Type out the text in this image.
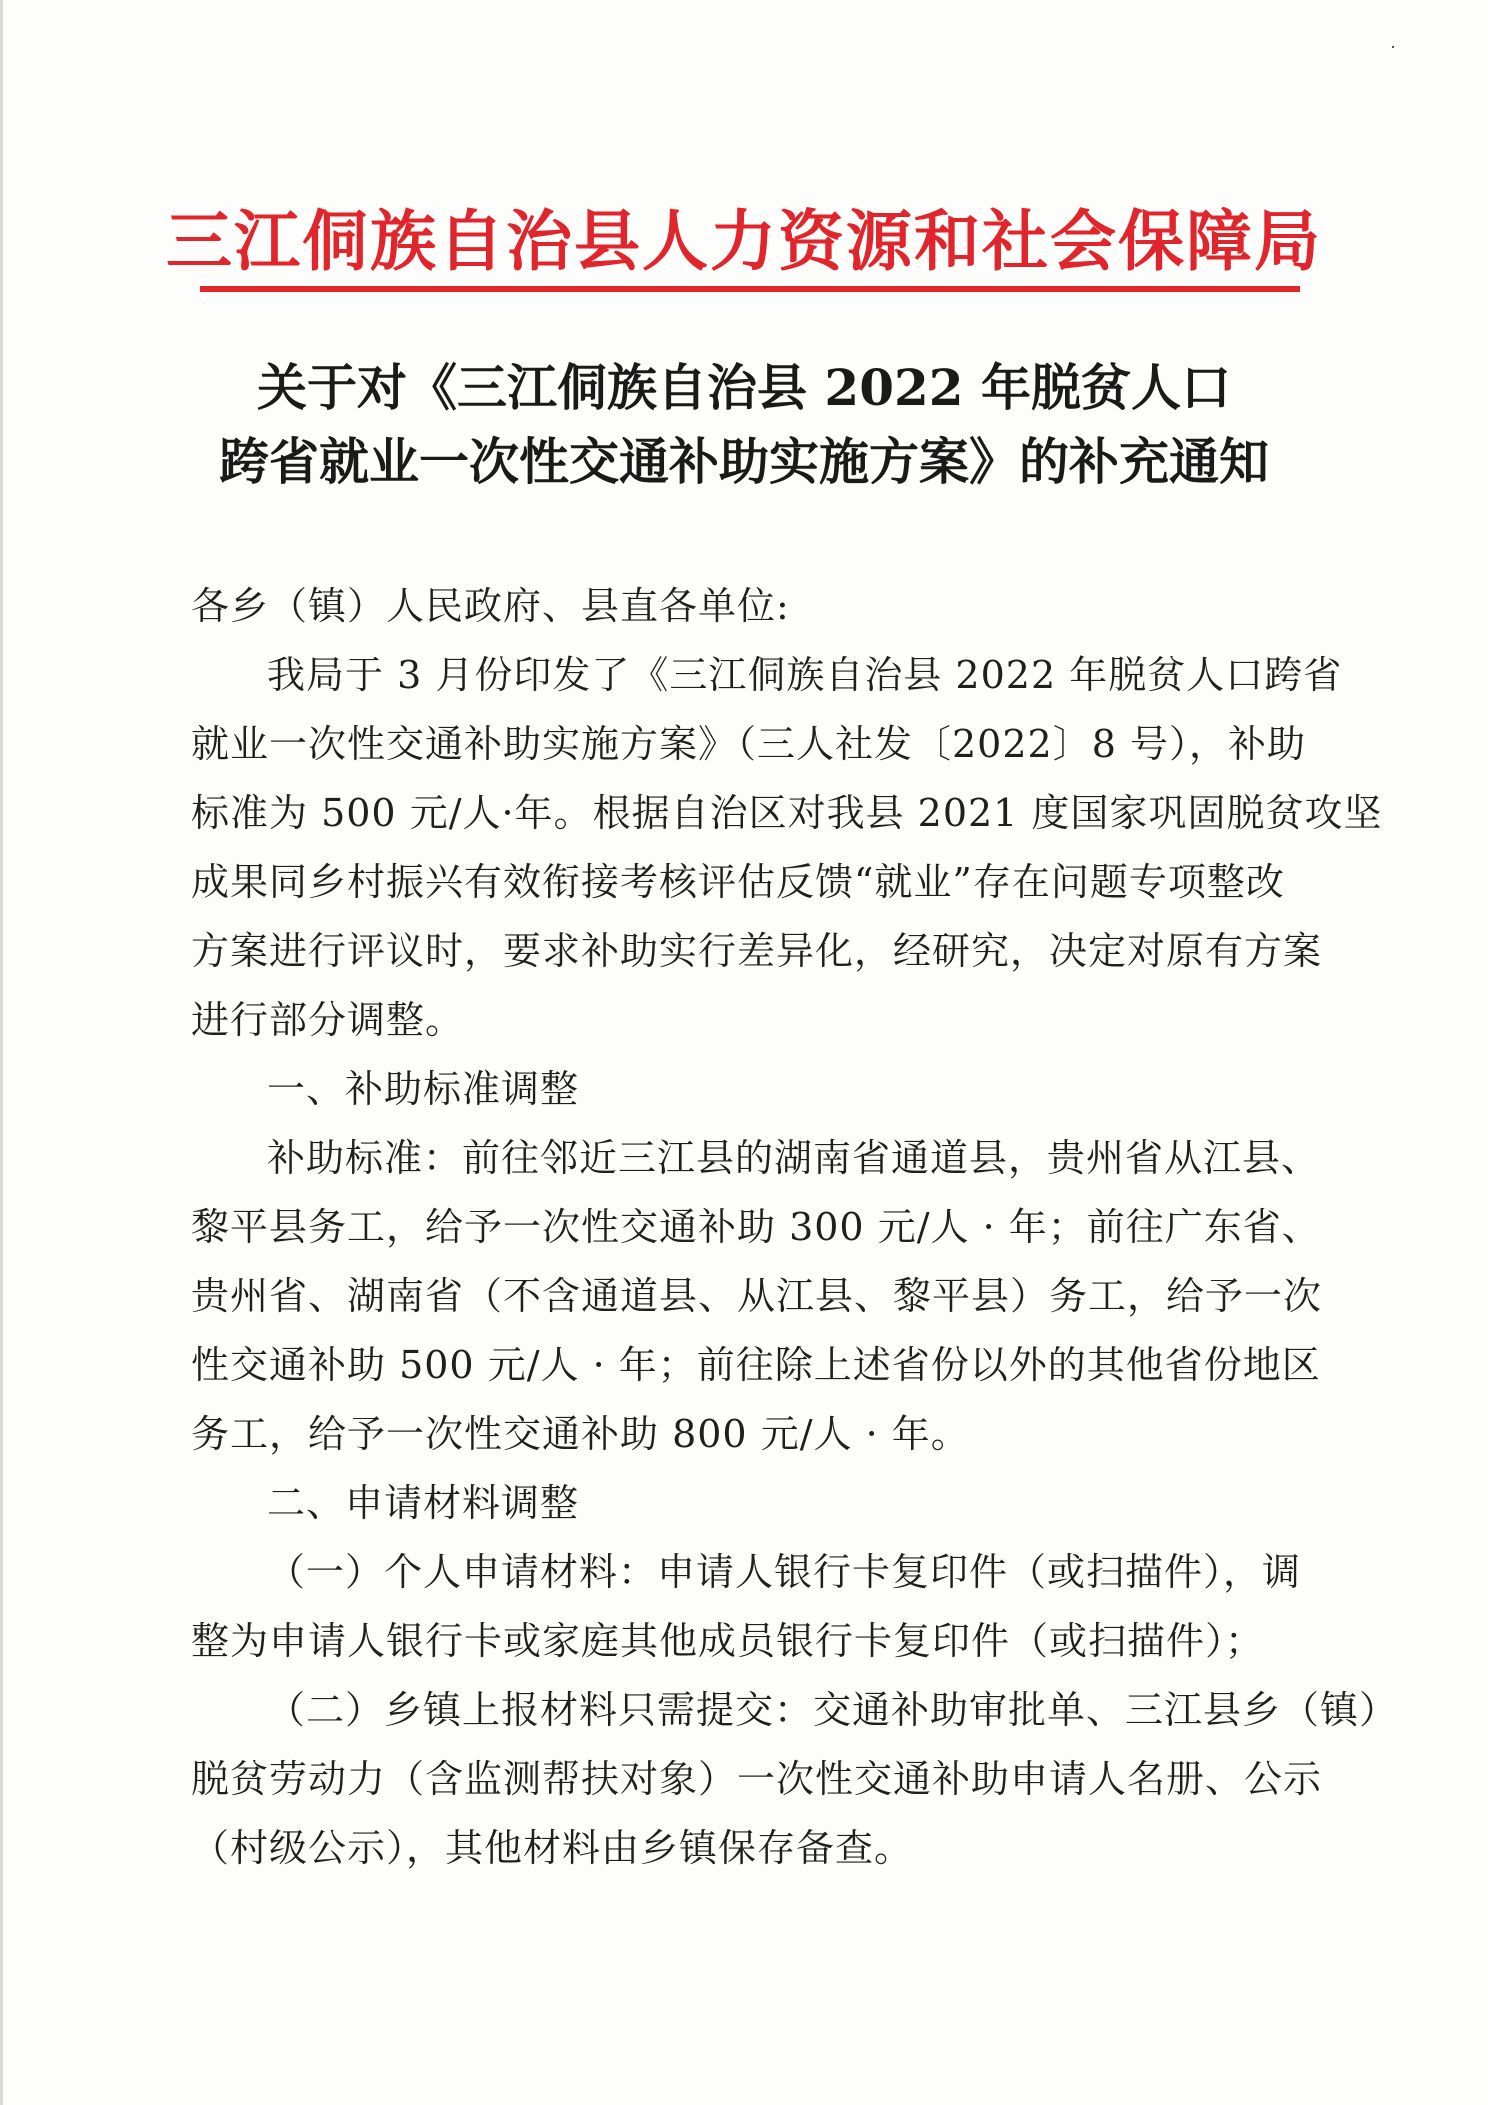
三江侗族自治县人力资源和社会保障局
关于对《三江侗族自治县 2022 年脱贫人口
跨省就业一次性交通补助实施方案》的补充通知
各乡（镇）人民政府、县直各单位:
我局于 3 月份印发了《三江侗族自治县 2022 年脱贫人口跨省
就业一次性交通补助实施方案》（三人社发〔2022〕8 号），补助
标准为 500 元/人·年。根据自治区对我县 2021 度国家巩固脱贫攻坚
成果同乡村振兴有效衔接考核评估反馈“就业”存在问题专项整改
方案进行评议时，要求补助实行差异化，经研究，决定对原有方案
进行部分调整。
一、补助标准调整
补助标准：前往邻近三江县的湖南省通道县，贵州省从江县、
黎平县务工，给予一次性交通补助 300 元/人 · 年；前往广东省、
贵州省、湖南省（不含通道县、从江县、黎平县）务工，给予一次
性交通补助 500 元/人 · 年；前往除上述省份以外的其他省份地区
务工，给予一次性交通补助 800 元/人 · 年。
二、申请材料调整
（一）个人申请材料：申请人银行卡复印件（或扫描件），调
整为申请人银行卡或家庭其他成员银行卡复印件（或扫描件）；
（二）乡镇上报材料只需提交：交通补助审批单、三江县乡（镇）
脱贫劳动力（含监测帮扶对象）一次性交通补助申请人名册、公示
（村级公示），其他材料由乡镇保存备查。
